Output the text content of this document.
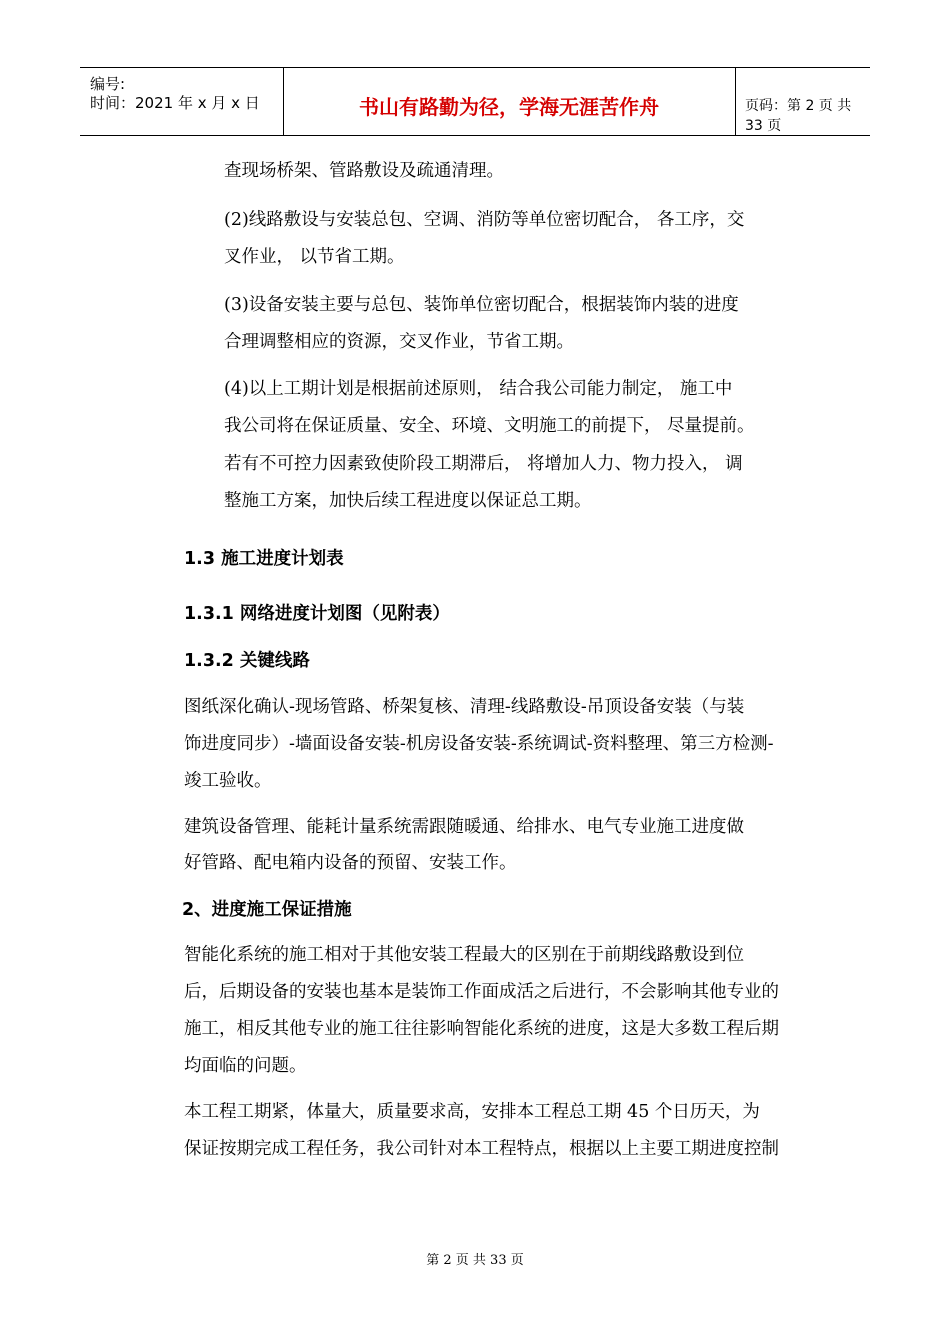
编号:
时间：2021 年 x 月 x 日	书山有路勤为径，学海无涯苦作舟	页码：第 2 页 共 33 页
查现场桥架、管路敷设及疏通清理。
(2)线路敷设与安装总包、空调、消防等单位密切配合， 各工序，交
叉作业， 以节省工期。
(3)设备安装主要与总包、装饰单位密切配合，根据装饰内装的进度
合理调整相应的资源，交叉作业，节省工期。
(4)以上工期计划是根据前述原则， 结合我公司能力制定， 施工中
我公司将在保证质量、安全、环境、文明施工的前提下， 尽量提前。
若有不可控力因素致使阶段工期滞后， 将增加人力、物力投入， 调
整施工方案，加快后续工程进度以保证总工期。
1.3 施工进度计划表
1.3.1 网络进度计划图（见附表）
1.3.2 关键线路
图纸深化确认-现场管路、桥架复核、清理-线路敷设-吊顶设备安装（与装
饰进度同步）-墙面设备安装-机房设备安装-系统调试-资料整理、第三方检测-
竣工验收。
建筑设备管理、能耗计量系统需跟随暖通、给排水、电气专业施工进度做
好管路、配电箱内设备的预留、安装工作。
2、进度施工保证措施
智能化系统的施工相对于其他安装工程最大的区别在于前期线路敷设到位
后，后期设备的安装也基本是装饰工作面成活之后进行，不会影响其他专业的
施工，相反其他专业的施工往往影响智能化系统的进度，这是大多数工程后期
均面临的问题。
本工程工期紧，体量大，质量要求高，安排本工程总工期 45 个日历天，为
保证按期完成工程任务，我公司针对本工程特点，根据以上主要工期进度控制
第 2 页 共 33 页
